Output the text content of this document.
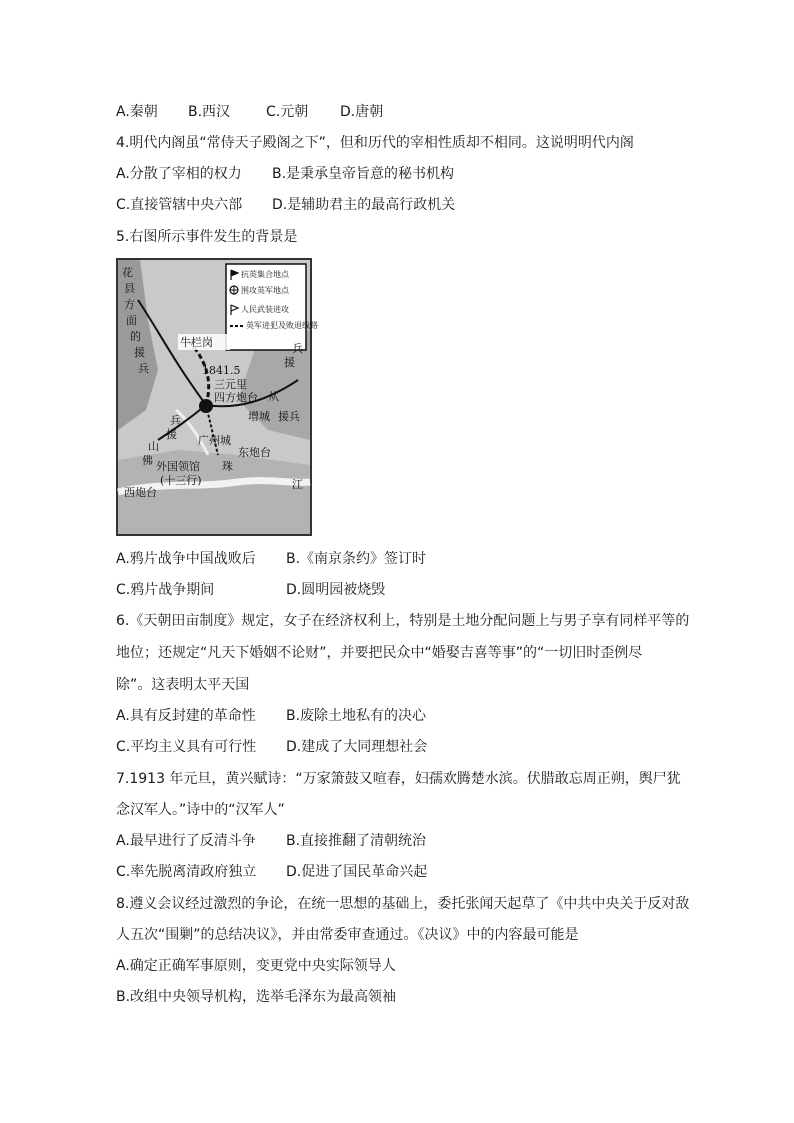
A.秦朝 B.西汉	C.元朝 D.唐朝
4.明代内阁虽“常侍天子殿阁之下”，但和历代的宰相性质却不相同。这说明明代内阁
A.分散了宰相的权力 B.是秉承皇帝旨意的秘书机构
C.直接管辖中央六部 D.是辅助君主的最高行政机关
5.右图所示事件发生的背景是
抗英集合地点
围攻英军地点
人民武装进攻
英军进犯及败退线路
花
县
方
面
的
援
兵
牛栏岗
1841.5
三元里
四方炮台 从
兵
援
增城 援兵
兵
援
山
佛
广州城
外国领馆
(十三行)
珠
东炮台
江
西炮台
A.鸦片战争中国战败后 B.《南京条约》签订时
C.鸦片战争期间	D.圆明园被烧毁
6.《天朝田亩制度》规定，女子在经济权利上，特别是土地分配问题上与男子享有同样平等的
地位；还规定“凡天下婚姻不论财”，并要把民众中“婚娶吉喜等事”的“一切旧时歪例尽
除”。这表明太平天国
A.具有反封建的革命性 B.废除土地私有的决心
C.平均主义具有可行性 D.建成了大同理想社会
7.1913 年元旦，黄兴赋诗：“万家箫鼓又喧春，妇孺欢腾楚水滨。伏腊敢忘周正朔，舆尸犹
念汉军人。”诗中的“汉军人”
A.最早进行了反清斗争 B.直接推翻了清朝统治
C.率先脱离清政府独立 D.促进了国民革命兴起
8.遵义会议经过激烈的争论，在统一思想的基础上，委托张闻天起草了《中共中央关于反对敌
人五次“围剿”的总结决议》，并由常委审查通过。《决议》中的内容最可能是
A.确定正确军事原则，变更党中央实际领导人
B.改组中央领导机构，选举毛泽东为最高领袖
